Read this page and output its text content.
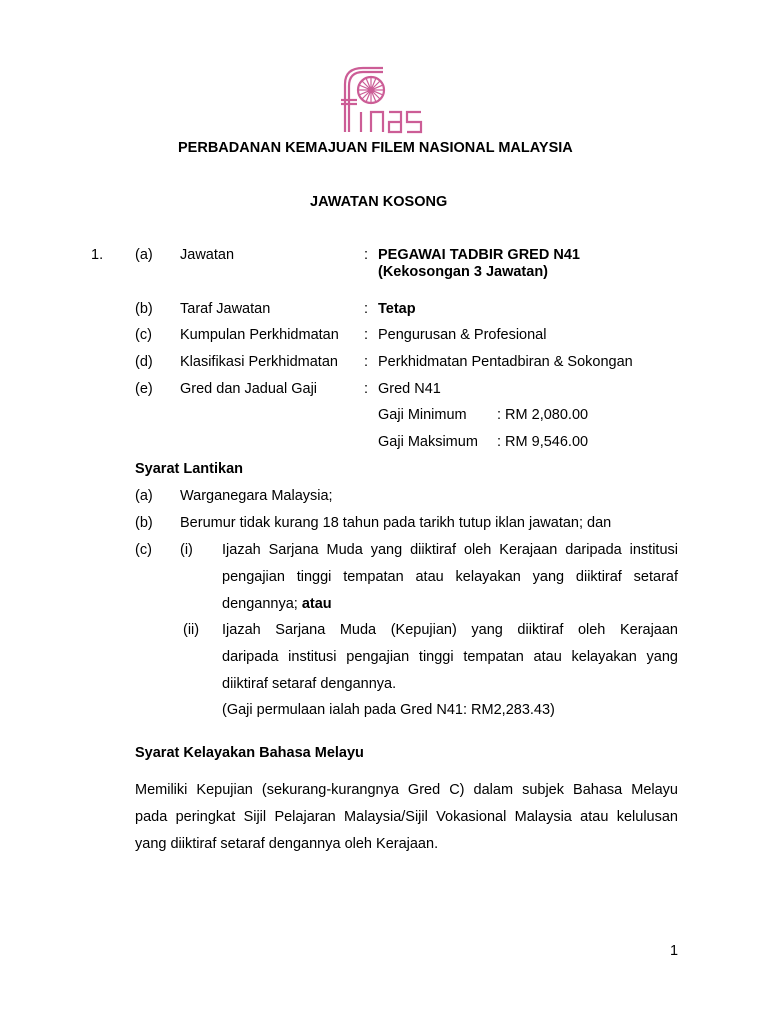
finas
PERBADANAN KEMAJUAN FILEM NASIONAL MALAYSIA
JAWATAN KOSONG
1. (a) Jawatan	: PEGAWAI TADBIR GRED N41
(Kekosongan 3 Jawatan)
(b) Taraf Jawatan	: Tetap
(c) Kumpulan Perkhidmatan : Pengurusan & Profesional
(d) Klasifikasi Perkhidmatan : Perkhidmatan Pentadbiran & Sokongan
(e) Gred dan Jadual Gaji	: Gred N41
Gaji Minimum : RM 2,080.00
Gaji Maksimum : RM 9,546.00
Syarat Lantikan
(a) Warganegara Malaysia;
(b) Berumur tidak kurang 18 tahun pada tarikh tutup iklan jawatan; dan
(c) (i) Ijazah Sarjana Muda yang diiktiraf oleh Kerajaan daripada institusi
pengajian tinggi tempatan atau kelayakan yang diiktiraf setaraf
dengannya; atau
(ii) Ijazah Sarjana Muda (Kepujian) yang diiktiraf oleh Kerajaan
daripada institusi pengajian tinggi tempatan atau kelayakan yang
diiktiraf setaraf dengannya.
(Gaji permulaan ialah pada Gred N41: RM2,283.43)
Syarat Kelayakan Bahasa Melayu
Memiliki Kepujian (sekurang-kurangnya Gred C) dalam subjek Bahasa Melayu
pada peringkat Sijil Pelajaran Malaysia/Sijil Vokasional Malaysia atau kelulusan
yang diiktiraf setaraf dengannya oleh Kerajaan.
1
